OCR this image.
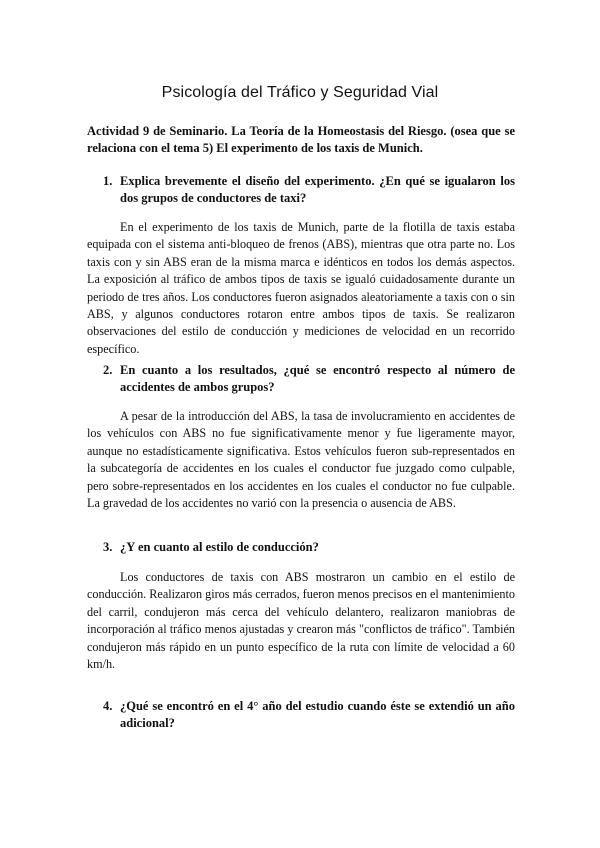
Psicología del Tráfico y Seguridad Vial
Actividad 9 de Seminario. La Teoría de la Homeostasis del Riesgo. (osea que se relaciona con el tema 5) El experimento de los taxis de Munich.
1. Explica brevemente el diseño del experimento. ¿En qué se igualaron los dos grupos de conductores de taxi?
En el experimento de los taxis de Munich, parte de la flotilla de taxis estaba equipada con el sistema anti-bloqueo de frenos (ABS), mientras que otra parte no. Los taxis con y sin ABS eran de la misma marca e idénticos en todos los demás aspectos. La exposición al tráfico de ambos tipos de taxis se igualó cuidadosamente durante un periodo de tres años. Los conductores fueron asignados aleatoriamente a taxis con o sin ABS, y algunos conductores rotaron entre ambos tipos de taxis. Se realizaron observaciones del estilo de conducción y mediciones de velocidad en un recorrido específico.
2. En cuanto a los resultados, ¿qué se encontró respecto al número de accidentes de ambos grupos?
A pesar de la introducción del ABS, la tasa de involucramiento en accidentes de los vehículos con ABS no fue significativamente menor y fue ligeramente mayor, aunque no estadísticamente significativa. Estos vehículos fueron sub-representados en la subcategoría de accidentes en los cuales el conductor fue juzgado como culpable, pero sobre-representados en los accidentes en los cuales el conductor no fue culpable. La gravedad de los accidentes no varió con la presencia o ausencia de ABS.
3. ¿Y en cuanto al estilo de conducción?
Los conductores de taxis con ABS mostraron un cambio en el estilo de conducción. Realizaron giros más cerrados, fueron menos precisos en el mantenimiento del carril, condujeron más cerca del vehículo delantero, realizaron maniobras de incorporación al tráfico menos ajustadas y crearon más "conflictos de tráfico". También condujeron más rápido en un punto específico de la ruta con límite de velocidad a 60 km/h.
4. ¿Qué se encontró en el 4° año del estudio cuando éste se extendió un año adicional?
